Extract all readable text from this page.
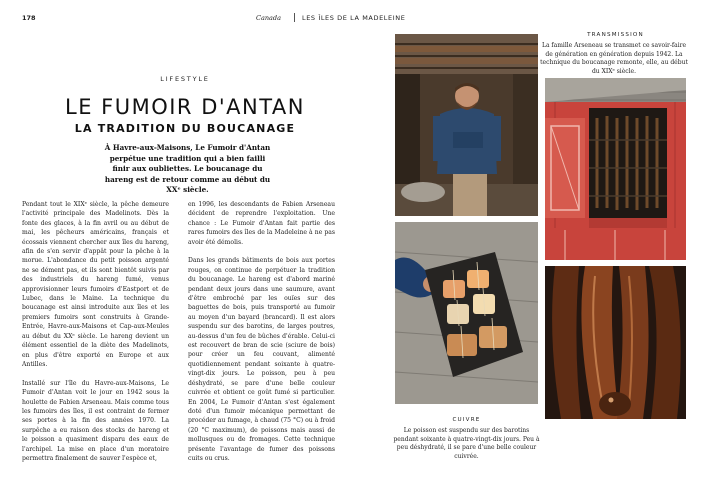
178	Canada	LES ÎLES DE LA MADELEINE
LIFESTYLE
LE FUMOIR D'ANTAN
LA TRADITION DU BOUCANAGE

À Havre-aux-Maisons, Le Fumoir d'Antan perpétue une tradition qui a bien failli finir aux oubliettes. Le boucanage du hareng est de retour comme au début du XXᵉ siècle.

Pendant tout le XIXᵉ siècle, la pêche demeure l'activité principale des Madelinots. Dès la fonte des glaces, à la fin avril ou au début de mai, les pêcheurs américains, français et écossais viennent chercher aux îles du hareng, afin de s'en servir d'appât pour la pêche à la morue. L'abondance du petit poisson argenté ne se dément pas, et ils sont bientôt suivis par des industriels du hareng fumé, venus approvisionner leurs fumoirs d'Eastport et de Lubec, dans le Maine. La technique du boucanage est ainsi introduite aux îles et les premiers fumoirs sont construits à Grande-Entrée, Havre-aux-Maisons et Cap-aux-Meules au début du XXᵉ siècle. Le hareng devient un élément essentiel de la diète des Madelinots, en plus d'être exporté en Europe et aux Antilles.

Installé sur l'île du Havre-aux-Maisons, Le Fumoir d'Antan voit le jour en 1942 sous la houlette de Fabien Arseneau. Mais comme tous les fumoirs des îles, il est contraint de fermer ses portes à la fin des années 1970. La surpêche a eu raison des stocks de hareng et le poisson a quasiment disparu des eaux de l'archipel. La mise en place d'un moratoire permettra finalement de sauver l'espèce et,

en 1996, les descendants de Fabien Arseneau décident de reprendre l'exploitation. Une chance : Le Fumoir d'Antan fait partie des rares fumoirs des îles de la Madeleine à ne pas avoir été démolis.

Dans les grands bâtiments de bois aux portes rouges, on continue de perpétuer la tradition du boucanage. Le hareng est d'abord mariné pendant deux jours dans une saumure, avant d'être embroché par les ouïes sur des baguettes de bois, puis transporté au fumoir au moyen d'un bayard (brancard). Il est alors suspendu sur des barotins, de larges poutres, au-dessus d'un feu de bûches d'érable. Celui-ci est recouvert de bran de scie (sciure de bois) pour créer un feu couvant, alimenté quotidiennement pendant soixante à quatre-vingt-dix jours. Le poisson, peu à peu déshydraté, se pare d'une belle couleur cuivrée et obtient ce goût fumé si particulier. En 2004, Le Fumoir d'Antan s'est également doté d'un fumoir mécanique permettant de procéder au fumage, à chaud (75 °C) ou à froid (20 °C maximum), de poissons mais aussi de mollusques ou de fromages. Cette technique présente l'avantage de fumer des poissons cuits ou crus.

TRANSMISSION

La famille Arseneau se transmet ce savoir-faire de génération en génération depuis 1942. La technique du boucanage remonte, elle, au début du XIXᵉ siècle.

CUIVRE

Le poisson est suspendu sur des barotins pendant soixante à quatre-vingt-dix jours. Peu à peu déshydraté, il se pare d'une belle couleur cuivrée.
